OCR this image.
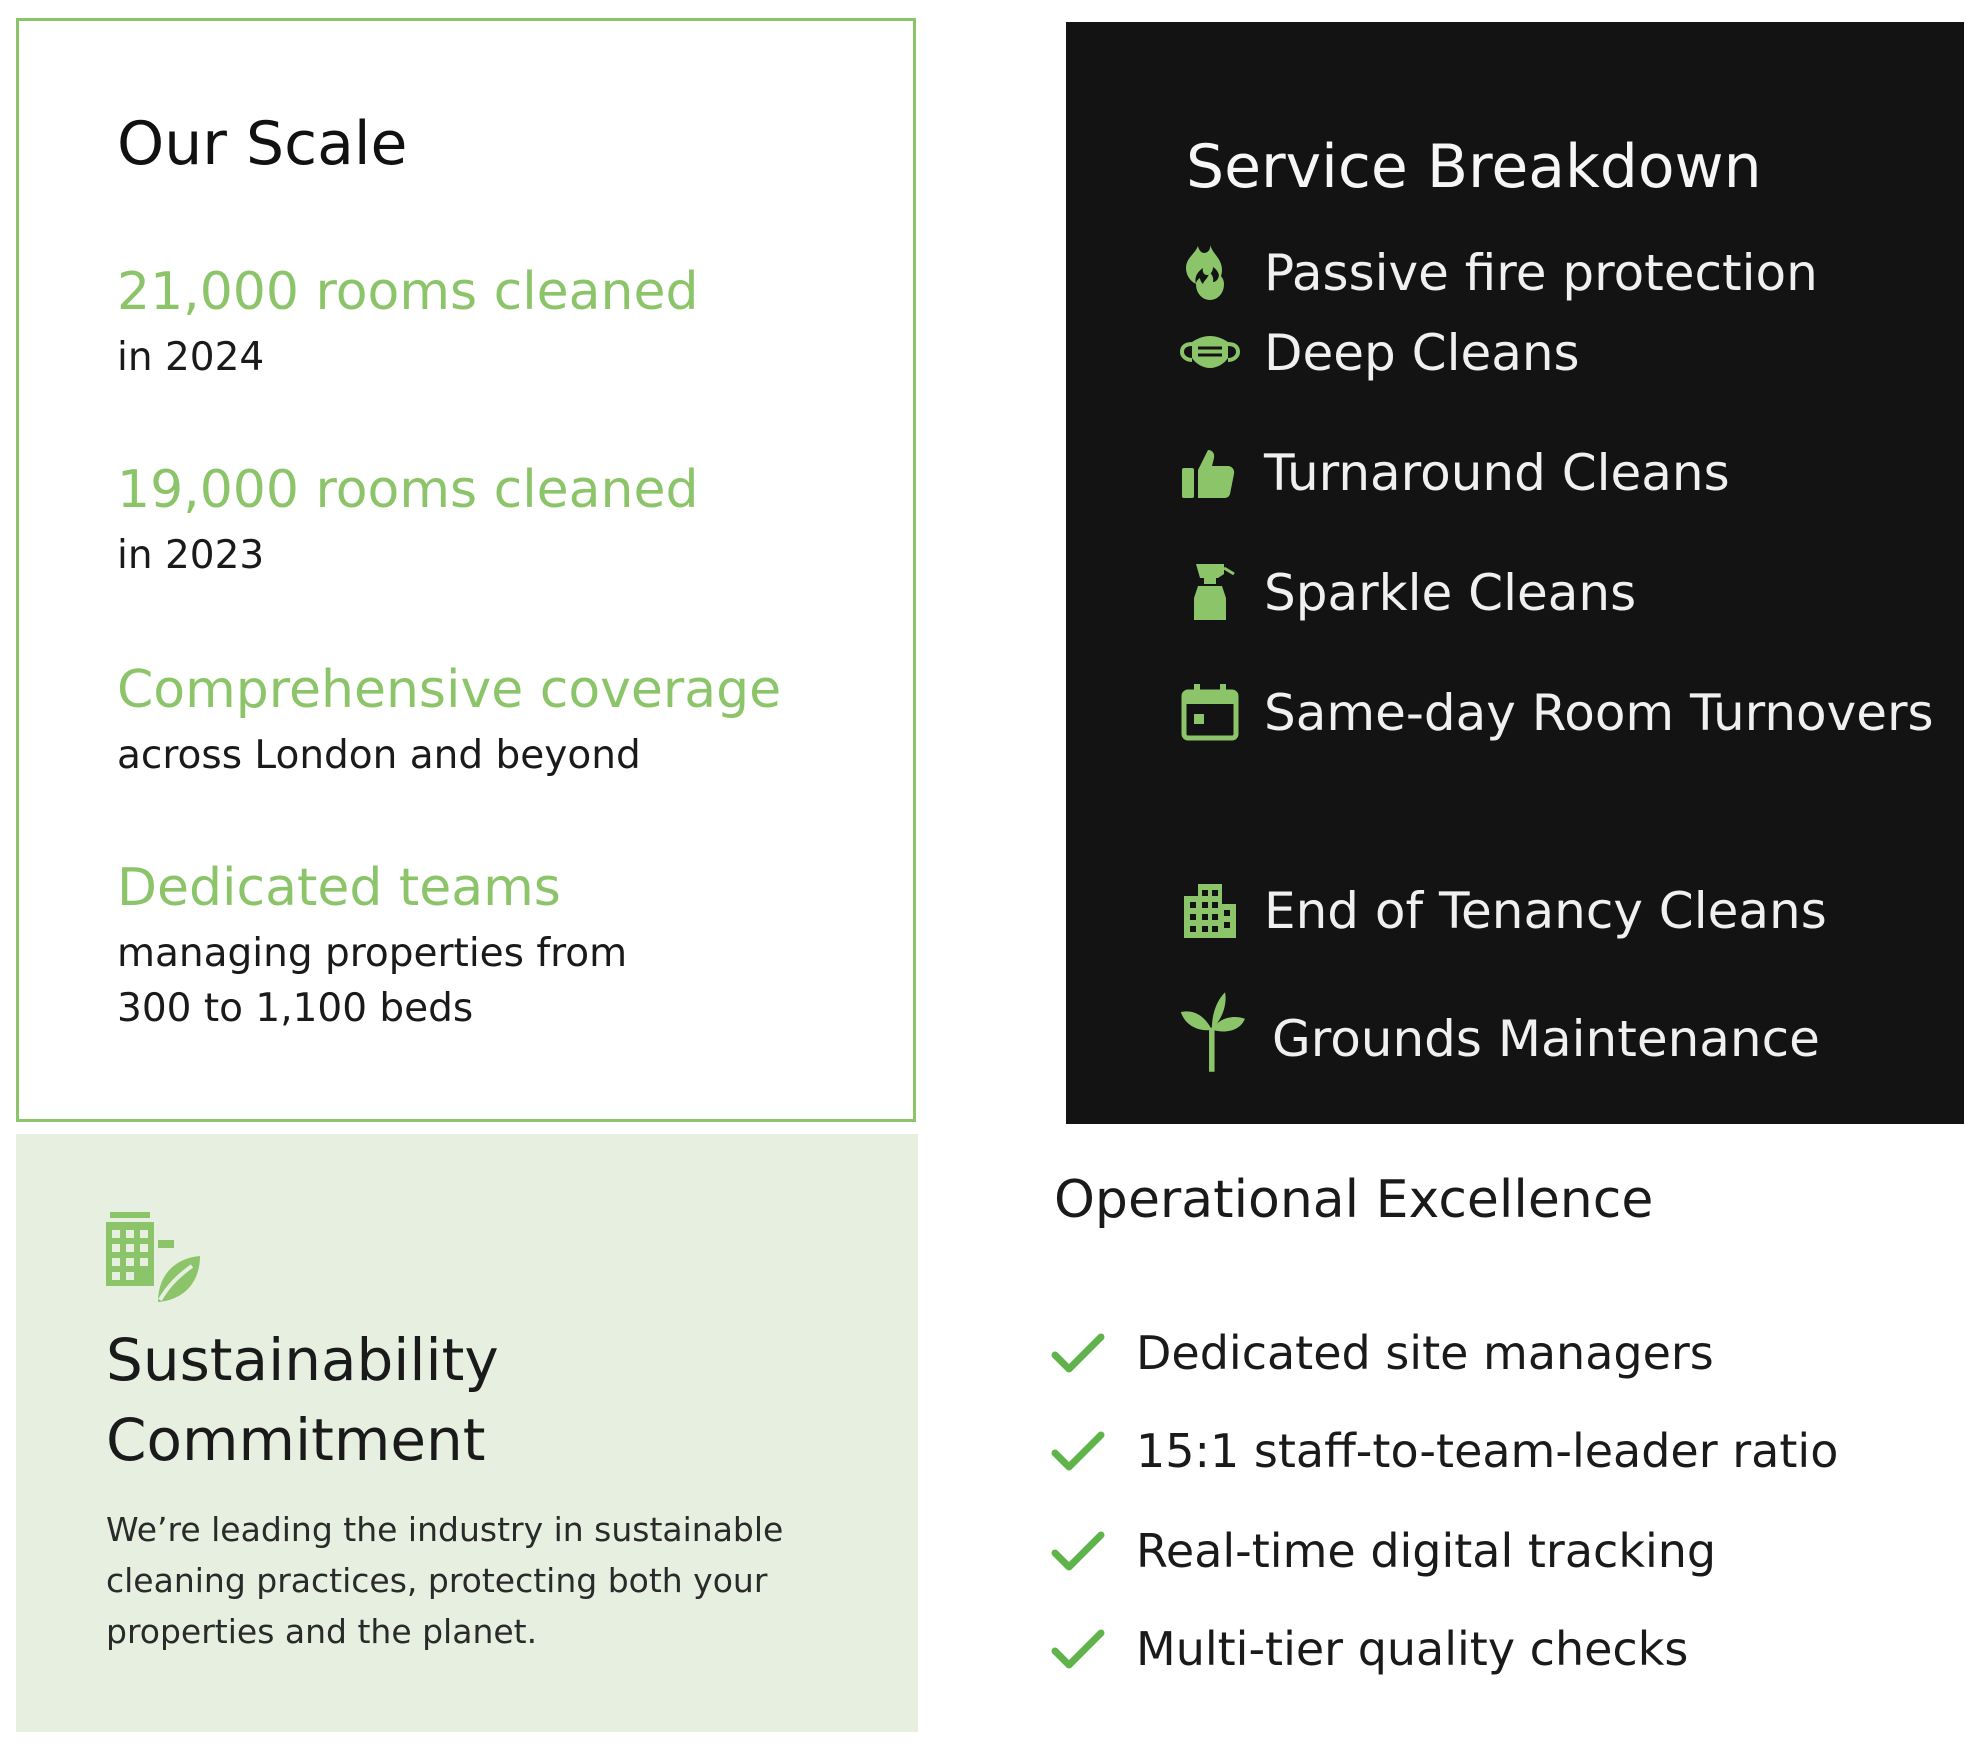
Our Scale
21,000 rooms cleaned
in 2024
19,000 rooms cleaned
in 2023
Comprehensive coverage
across London and beyond
Dedicated teams
managing properties from 300 to 1,100 beds
Service Breakdown
Passive fire protection
Deep Cleans
Turnaround Cleans
Sparkle Cleans
Same-day Room Turnovers
End of Tenancy Cleans
Grounds Maintenance
Sustainability Commitment

We’re leading the industry in sustainable cleaning practices, protecting both your properties and the planet.

Operational Excellence
Dedicated site managers
15:1 staff-to-team-leader ratio
Real-time digital tracking
Multi-tier quality checks
